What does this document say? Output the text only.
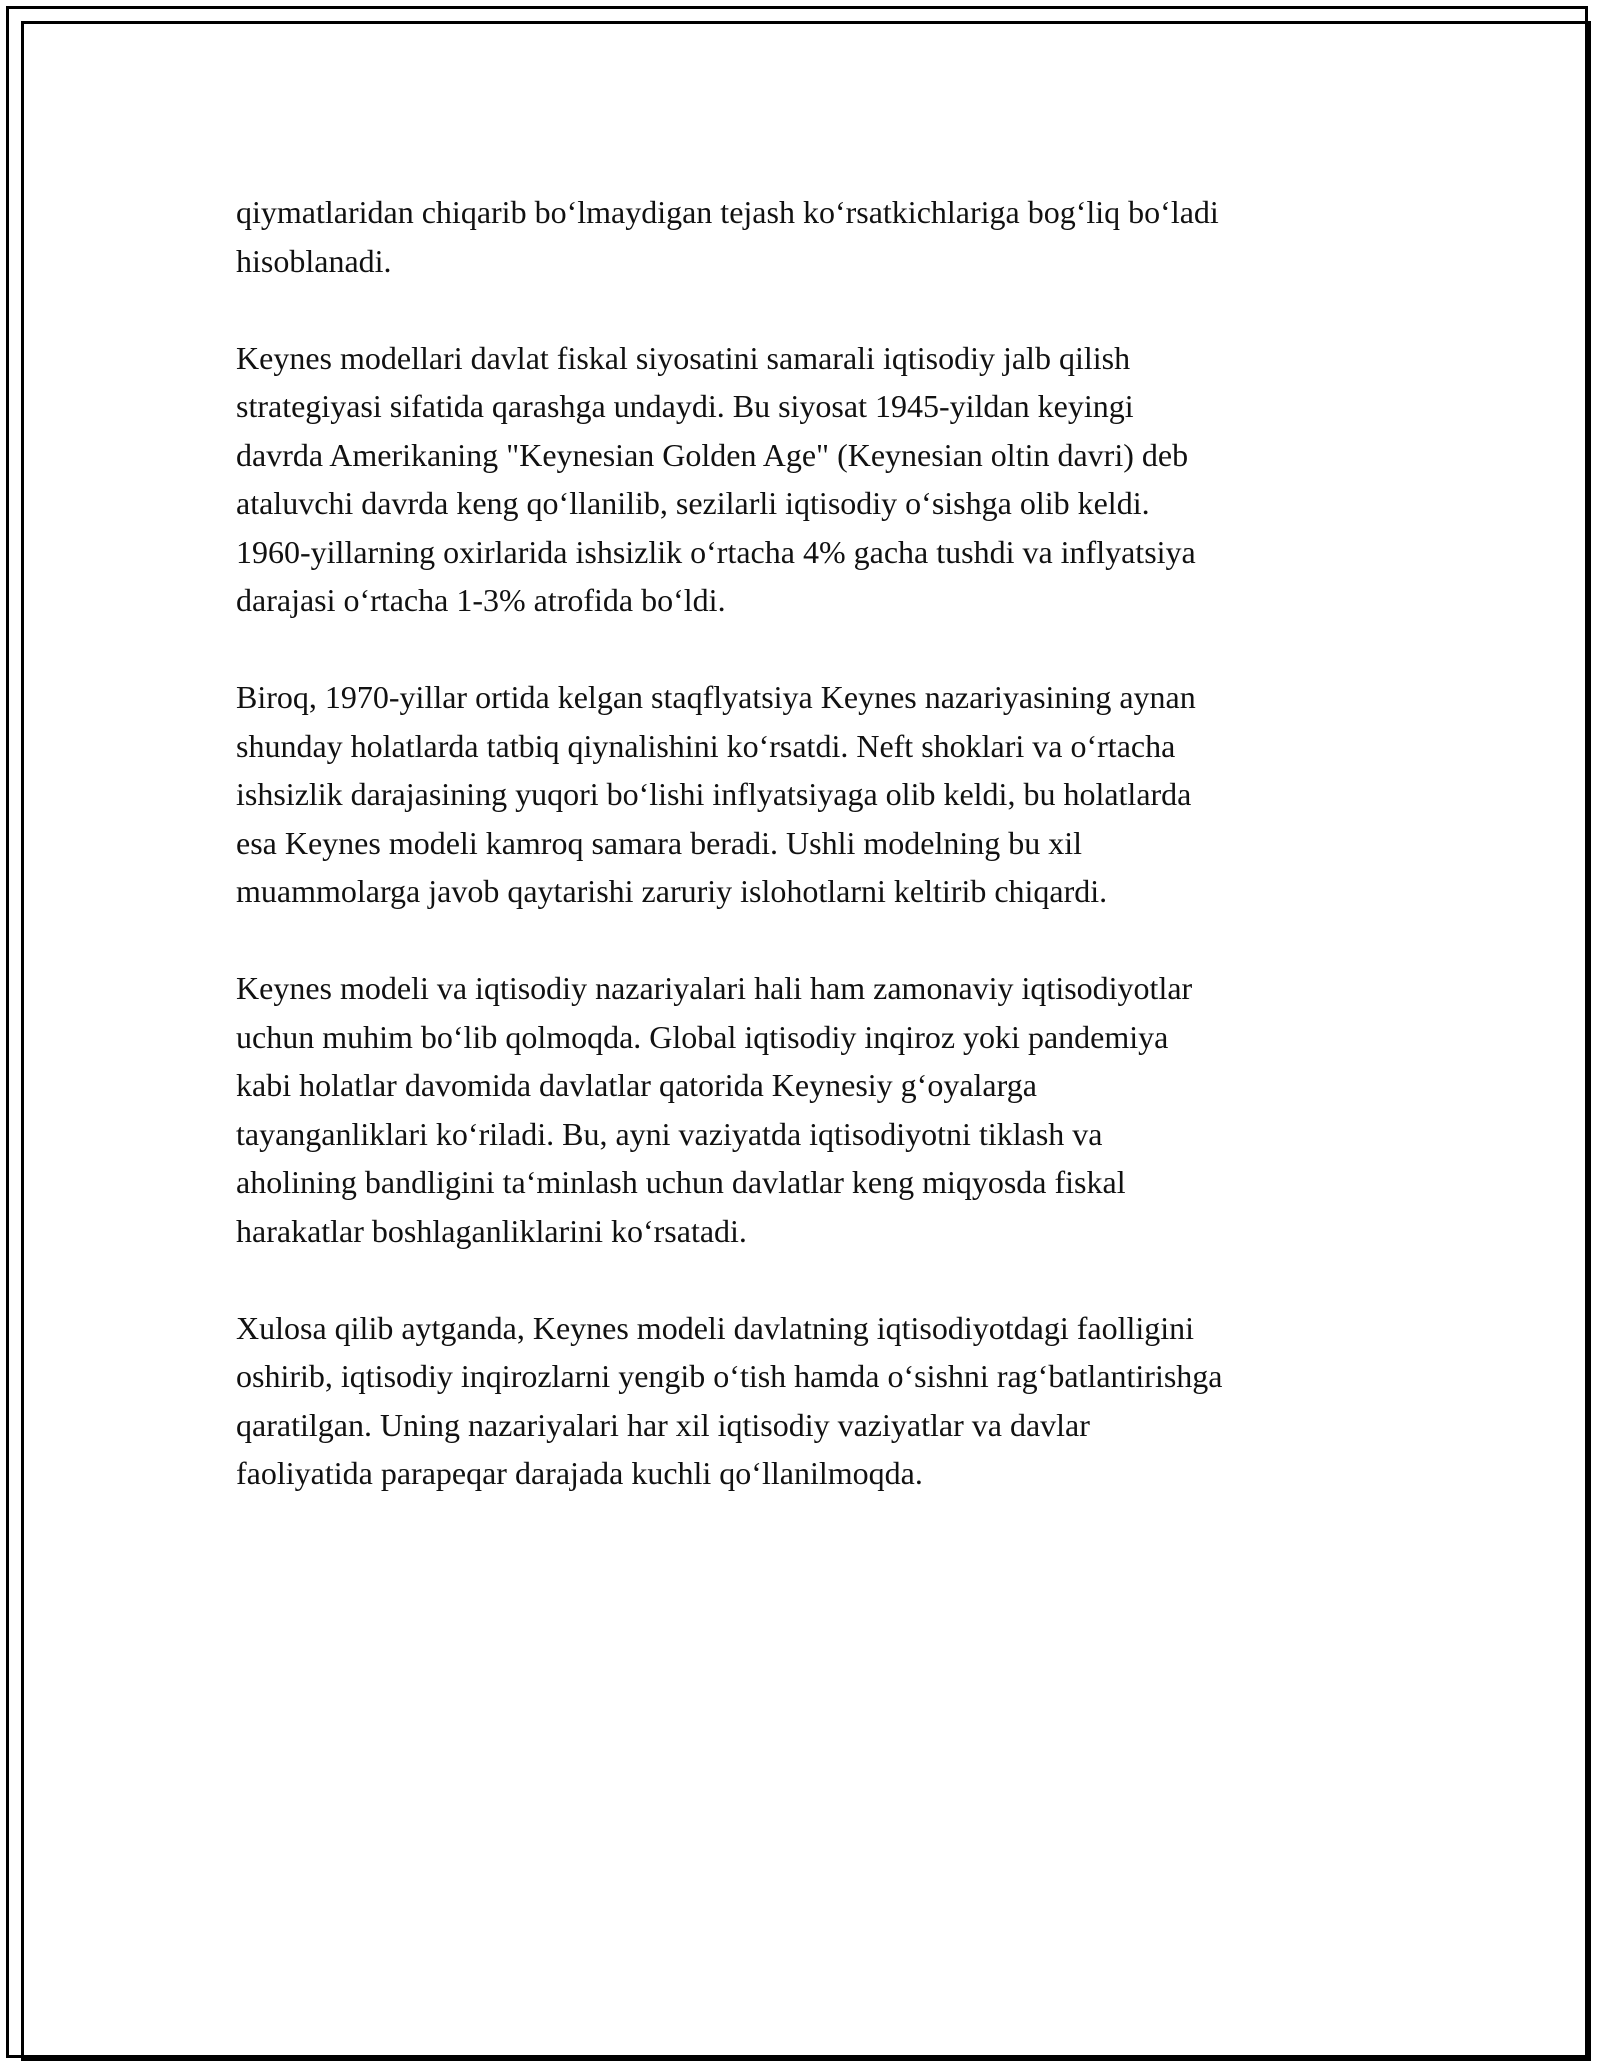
qiymatlaridan chiqarib bo‘lmaydigan tejash ko‘rsatkichlariga bog‘liq bo‘ladi
hisoblanadi.

Keynes modellari davlat fiskal siyosatini samarali iqtisodiy jalb qilish
strategiyasi sifatida qarashga undaydi. Bu siyosat 1945-yildan keyingi
davrda Amerikaning "Keynesian Golden Age" (Keynesian oltin davri) deb
ataluvchi davrda keng qo‘llanilib, sezilarli iqtisodiy o‘sishga olib keldi.
1960-yillarning oxirlarida ishsizlik o‘rtacha 4% gacha tushdi va inflyatsiya
darajasi o‘rtacha 1-3% atrofida bo‘ldi.

Biroq, 1970-yillar ortida kelgan staqflyatsiya Keynes nazariyasining aynan
shunday holatlarda tatbiq qiynalishini ko‘rsatdi. Neft shoklari va o‘rtacha
ishsizlik darajasining yuqori bo‘lishi inflyatsiyaga olib keldi, bu holatlarda
esa Keynes modeli kamroq samara beradi. Ushli modelning bu xil
muammolarga javob qaytarishi zaruriy islohotlarni keltirib chiqardi.

Keynes modeli va iqtisodiy nazariyalari hali ham zamonaviy iqtisodiyotlar
uchun muhim bo‘lib qolmoqda. Global iqtisodiy inqiroz yoki pandemiya
kabi holatlar davomida davlatlar qatorida Keynesiy g‘oyalarga
tayanganliklari ko‘riladi. Bu, ayni vaziyatda iqtisodiyotni tiklash va
aholining bandligini ta‘minlash uchun davlatlar keng miqyosda fiskal
harakatlar boshlaganliklarini ko‘rsatadi.

Xulosa qilib aytganda, Keynes modeli davlatning iqtisodiyotdagi faolligini
oshirib, iqtisodiy inqirozlarni yengib o‘tish hamda o‘sishni rag‘batlantirishga
qaratilgan. Uning nazariyalari har xil iqtisodiy vaziyatlar va davlar
faoliyatida parapeqar darajada kuchli qo‘llanilmoqda.
